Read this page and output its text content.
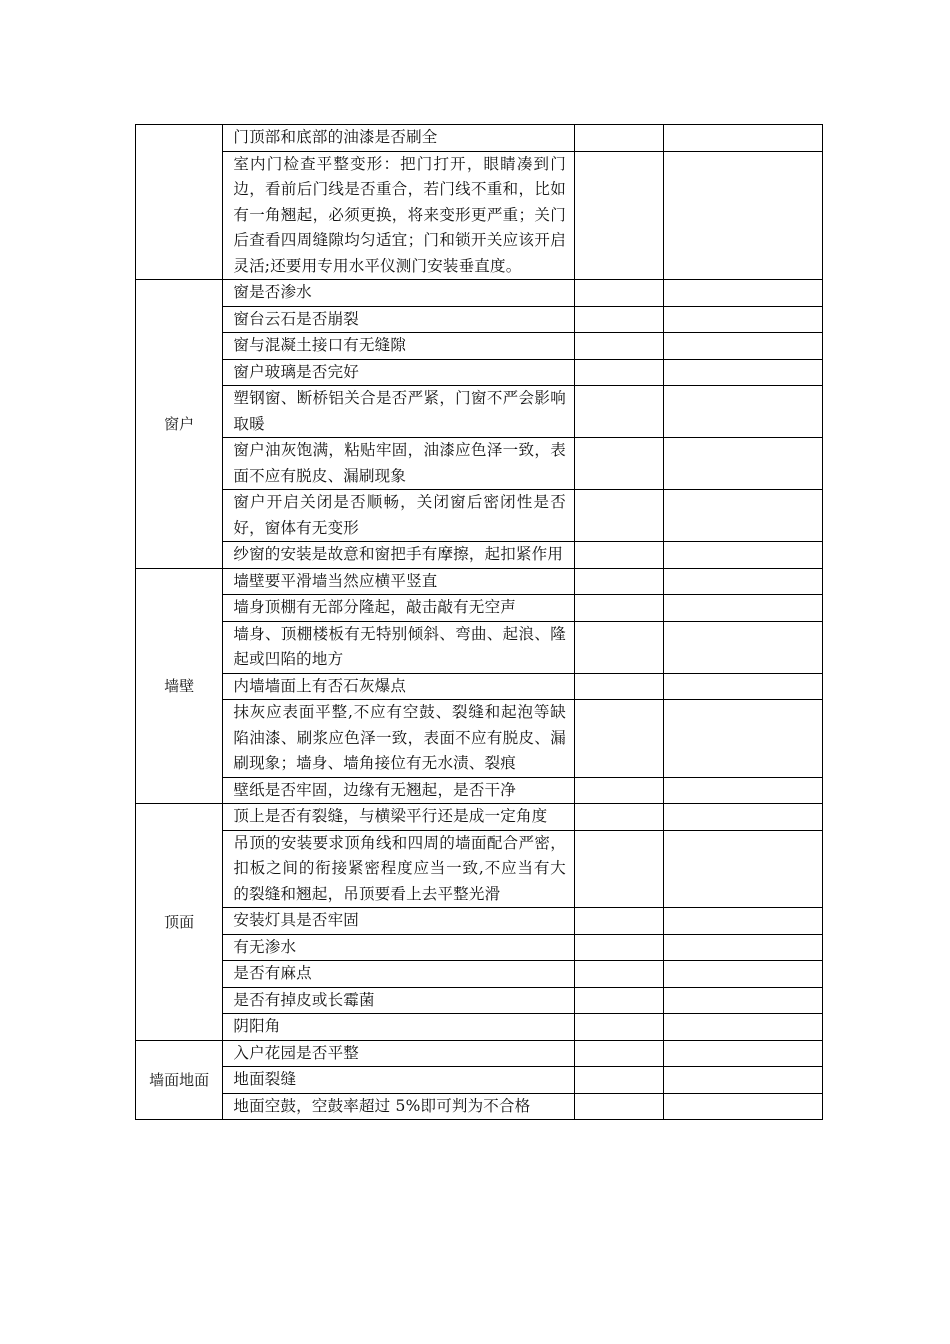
	门顶部和底部的油漆是否刷全		
	室内门检查平整变形：把门打开，眼睛凑到门边，看前后门线是否重合，若门线不重和，比如有一角翘起，必须更换，将来变形更严重；关门后查看四周缝隙均匀适宜；门和锁开关应该开启灵活;还要用专用水平仪测门安装垂直度。		
窗户	窗是否渗水		
	窗台云石是否崩裂		
	窗与混凝土接口有无缝隙		
	窗户玻璃是否完好		
	塑钢窗、断桥铝关合是否严紧，门窗不严会影响取暖		
	窗户油灰饱满，粘贴牢固，油漆应色泽一致，表面不应有脱皮、漏刷现象		
	窗户开启关闭是否顺畅，关闭窗后密闭性是否好，窗体有无变形		
	纱窗的安装是故意和窗把手有摩擦，起扣紧作用		
墙壁	墙壁要平滑墙当然应横平竖直		
	墙身顶棚有无部分隆起，敲击敲有无空声		
	墙身、顶棚楼板有无特别倾斜、弯曲、起浪、隆起或凹陷的地方		
	内墙墙面上有否石灰爆点		
	抹灰应表面平整,不应有空鼓、裂缝和起泡等缺陷油漆、刷浆应色泽一致，表面不应有脱皮、漏刷现象；墙身、墙角接位有无水渍、裂痕		
	壁纸是否牢固，边缘有无翘起，是否干净		
顶面	顶上是否有裂缝，与横梁平行还是成一定角度		
	吊顶的安装要求顶角线和四周的墙面配合严密，扣板之间的衔接紧密程度应当一致,不应当有大的裂缝和翘起，吊顶要看上去平整光滑		
	安装灯具是否牢固		
	有无渗水		
	是否有麻点		
	是否有掉皮或长霉菌		
	阴阳角		
墙面地面	入户花园是否平整		
	地面裂缝		
	地面空鼓，空鼓率超过 5%即可判为不合格		
